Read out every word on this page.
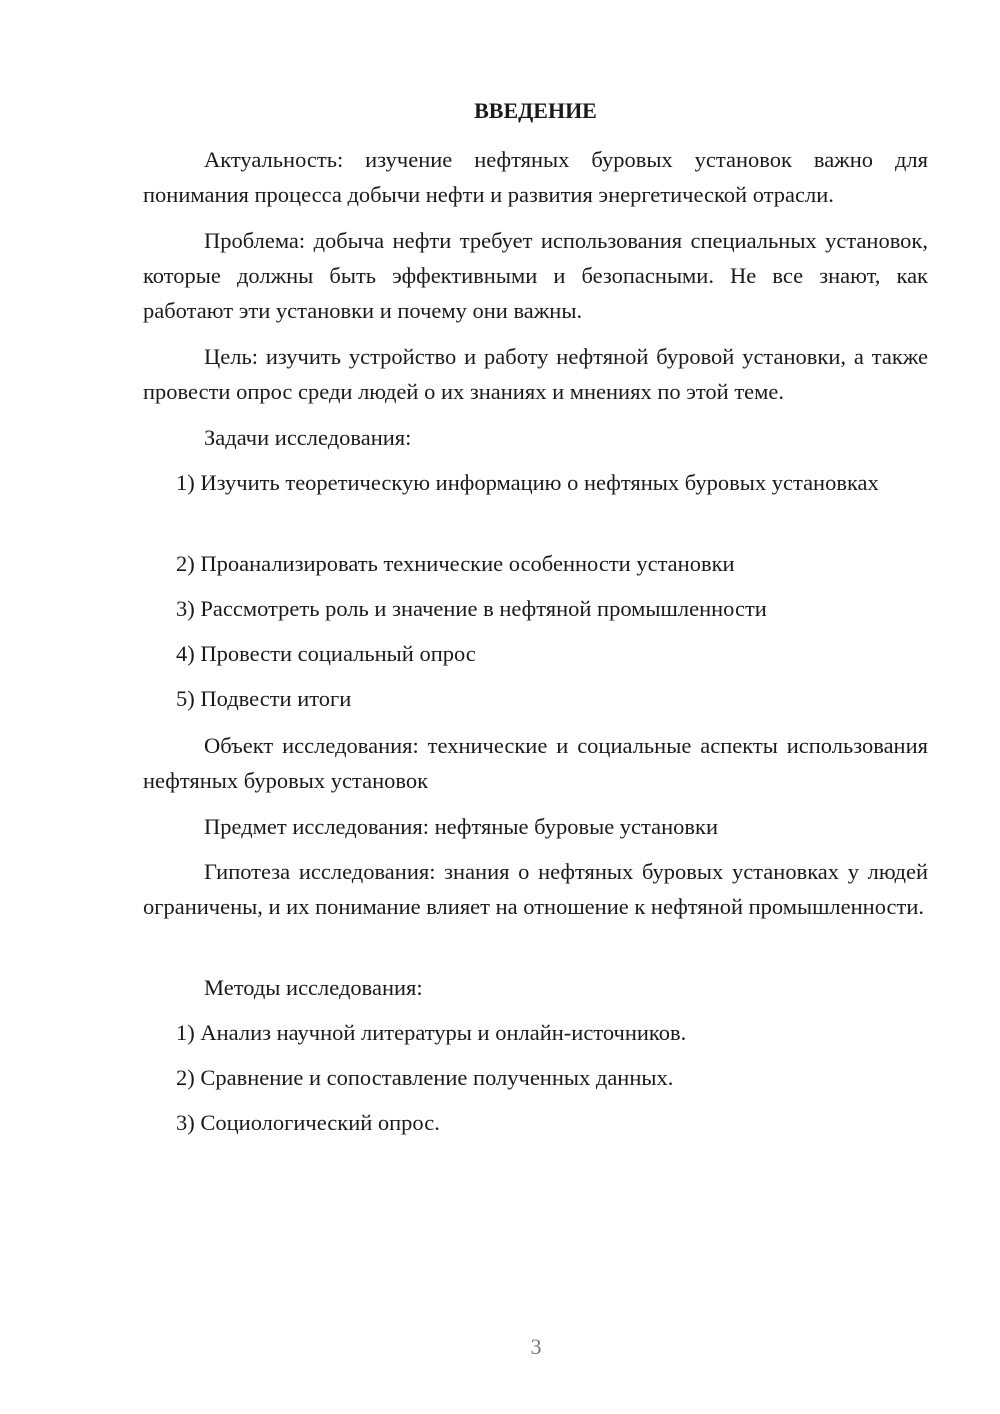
ВВЕДЕНИЕ

Актуальность: изучение нефтяных буровых установок важно для понимания процесса добычи нефти и развития энергетической отрасли.

Проблема: добыча нефти требует использования специальных установок, которые должны быть эффективными и безопасными. Не все знают, как работают эти установки и почему они важны.

Цель: изучить устройство и работу нефтяной буровой установки, а также провести опрос среди людей о их знаниях и мнениях по этой теме.

Задачи исследования:

1) Изучить теоретическую информацию о нефтяных буровых установках

2) Проанализировать технические особенности установки

3) Рассмотреть роль и значение в нефтяной промышленности

4) Провести социальный опрос

5) Подвести итоги

Объект исследования: технические и социальные аспекты использования нефтяных буровых установок

Предмет исследования: нефтяные буровые установки

Гипотеза исследования: знания о нефтяных буровых установках у людей ограничены, и их понимание влияет на отношение к нефтяной промышленности.

Методы исследования:

1) Анализ научной литературы и онлайн-источников.

2) Сравнение и сопоставление полученных данных.

3) Социологический опрос.

3
